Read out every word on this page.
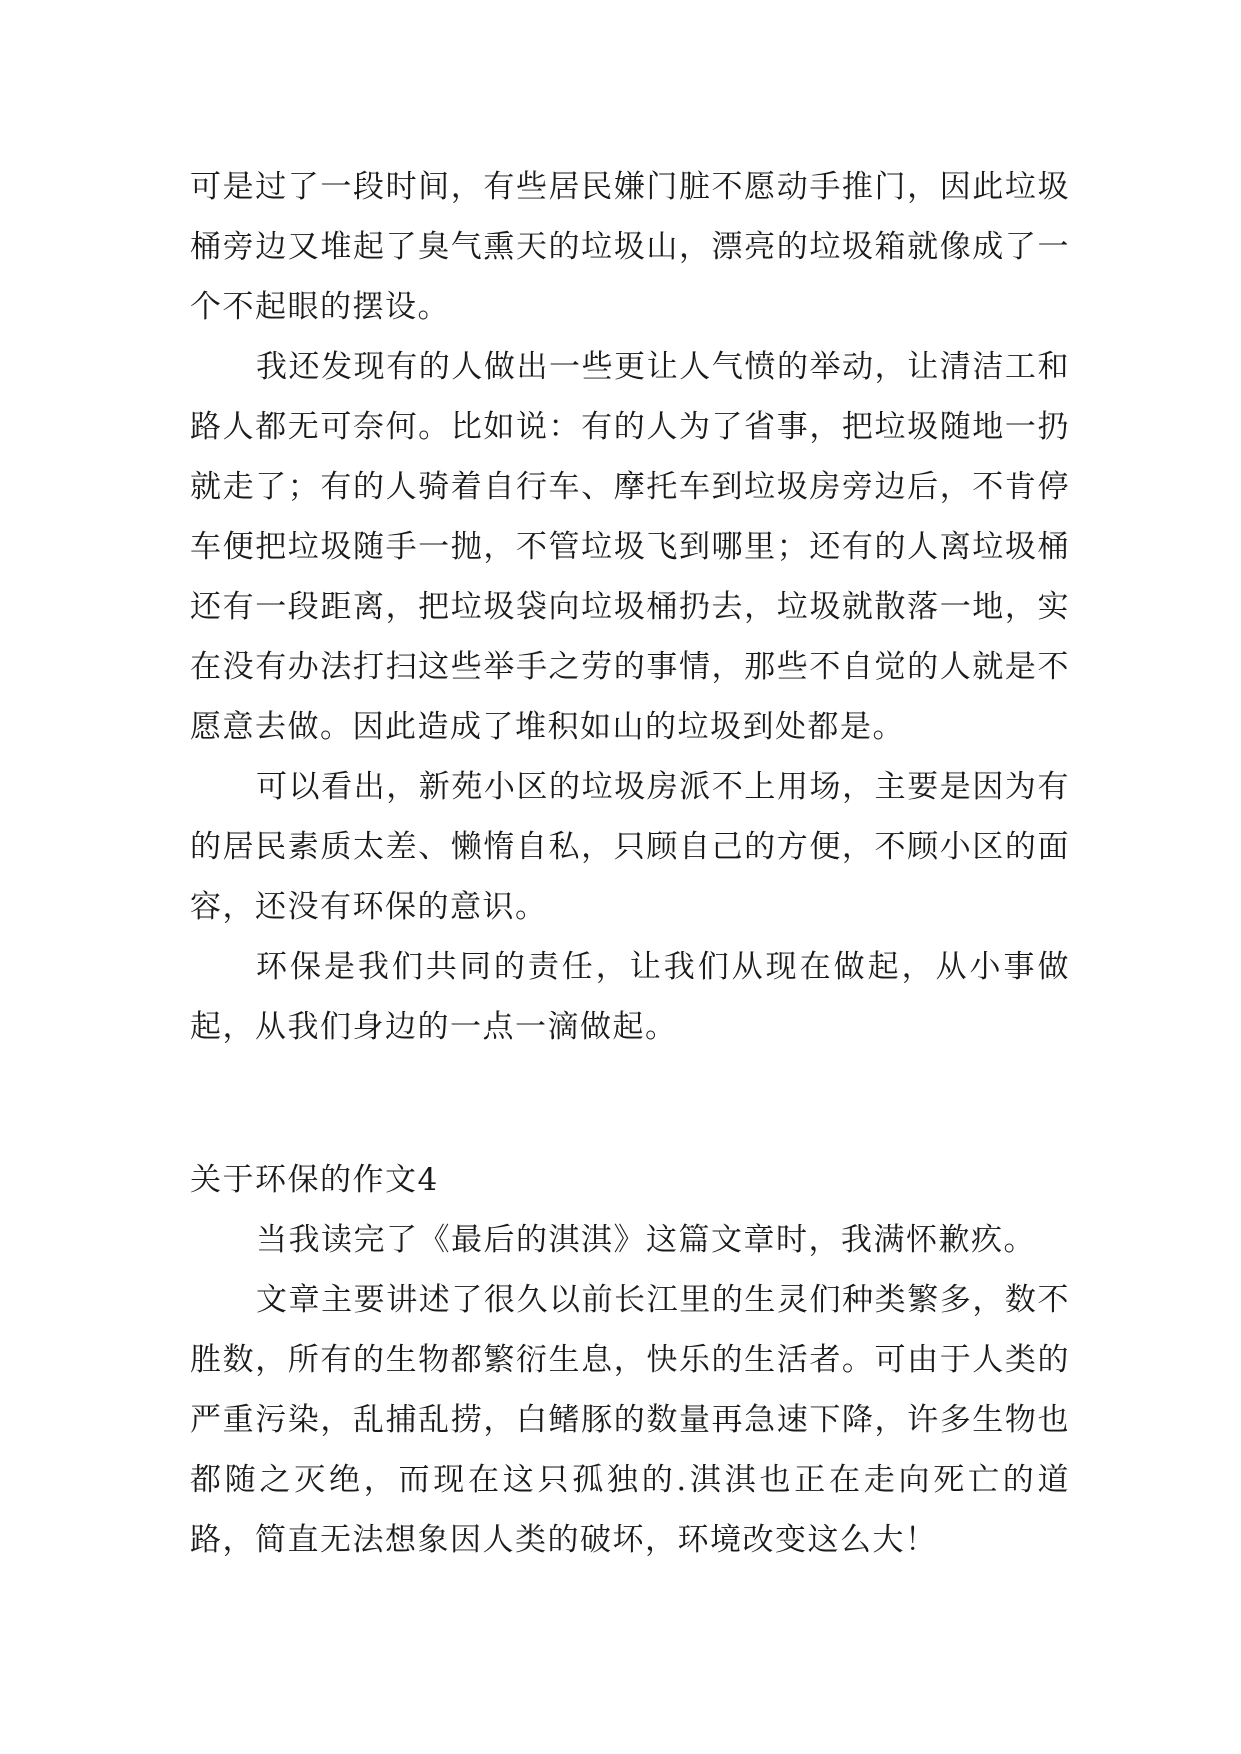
可是过了一段时间，有些居民嫌门脏不愿动手推门，因此垃圾桶旁边又堆起了臭气熏天的垃圾山，漂亮的垃圾箱就像成了一个不起眼的摆设。

我还发现有的人做出一些更让人气愤的举动，让清洁工和路人都无可奈何。比如说：有的人为了省事，把垃圾随地一扔就走了；有的人骑着自行车、摩托车到垃圾房旁边后，不肯停车便把垃圾随手一抛，不管垃圾飞到哪里；还有的人离垃圾桶还有一段距离，把垃圾袋向垃圾桶扔去，垃圾就散落一地，实在没有办法打扫这些举手之劳的事情，那些不自觉的人就是不愿意去做。因此造成了堆积如山的垃圾到处都是。

可以看出，新苑小区的垃圾房派不上用场，主要是因为有的居民素质太差、懒惰自私，只顾自己的方便，不顾小区的面容，还没有环保的意识。

环保是我们共同的责任，让我们从现在做起，从小事做起，从我们身边的一点一滴做起。

关于环保的作文4

当我读完了《最后的淇淇》这篇文章时，我满怀歉疚。

文章主要讲述了很久以前长江里的生灵们种类繁多，数不胜数，所有的生物都繁衍生息，快乐的生活者。可由于人类的严重污染，乱捕乱捞，白鳍豚的数量再急速下降，许多生物也都随之灭绝，而现在这只孤独的.淇淇也正在走向死亡的道路，简直无法想象因人类的破坏，环境改变这么大！
